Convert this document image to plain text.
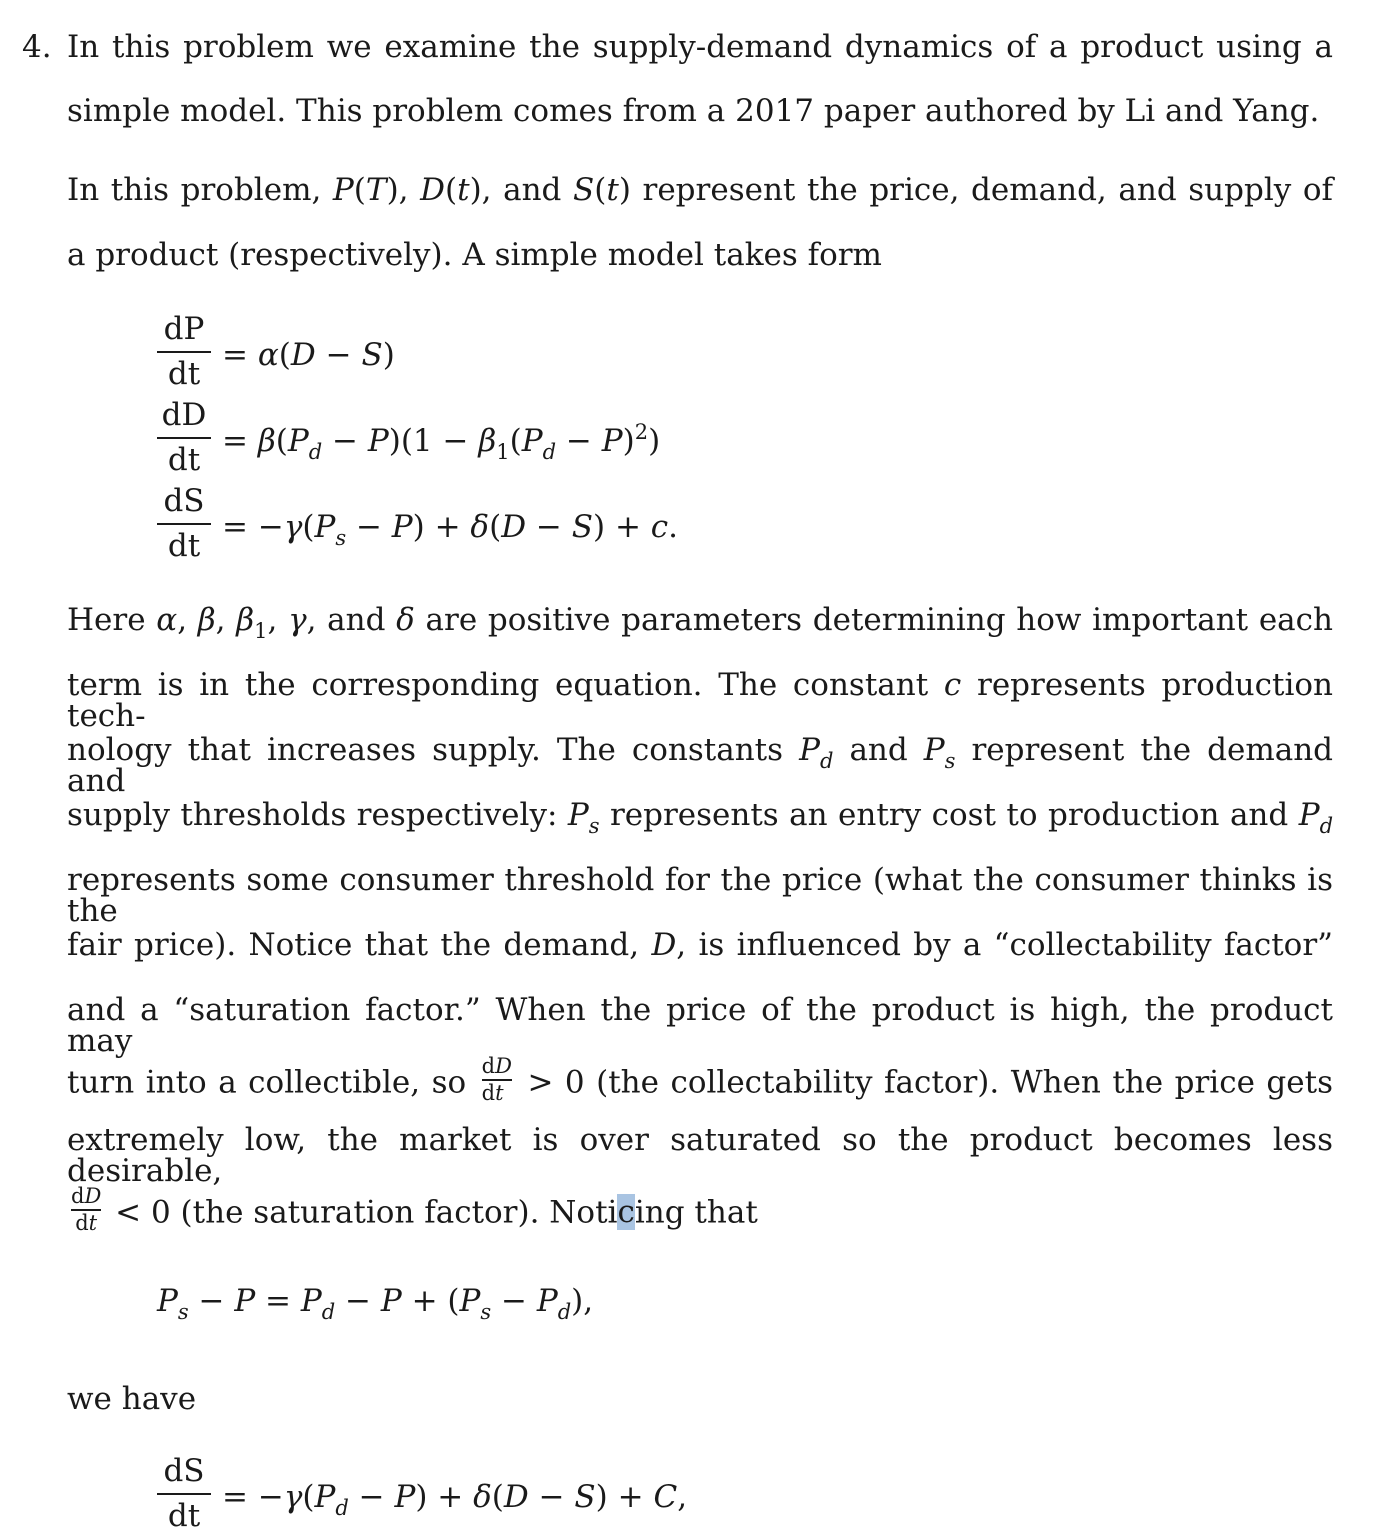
4. In this problem we examine the supply-demand dynamics of a product using a
simple model. This problem comes from a 2017 paper authored by Li and Yang.
In this problem, P(T), D(t), and S(t) represent the price, demand, and supply of
a product (respectively). A simple model takes form
dP
dt
= α(D − S)
dD
dt
= $\beta(P_d - P)(1 - \beta_1(P_d - P)^2)$
dS
dt
= $-\gamma(P_s - P) + \delta(D - S) + c$.
Here α, β, $\beta_1$, γ, and δ are positive parameters determining how important each
term is in the corresponding equation. The constant c represents production tech-
nology that increases supply. The constants $P_d$ and $P_s$ represent the demand and
supply thresholds respectively: $P_s$ represents an entry cost to production and $P_d$
represents some consumer threshold for the price (what the consumer thinks is the
fair price). Notice that the demand, D, is influenced by a “collectability factor”
and a “saturation factor.” When the price of the product is high, the product may
turn into a collectible, so $\frac{dD}{dt} > 0$ (the collectability factor). When the price gets
extremely low, the market is over saturated so the product becomes less desirable,
$\frac{dD}{dt} < 0$ (the saturation factor). Noticing that
$P_s - P = P_d - P + (P_s - P_d)$,
we have
dS
dt
= $-\gamma(P_d - P) + \delta(D - S) + C$,
